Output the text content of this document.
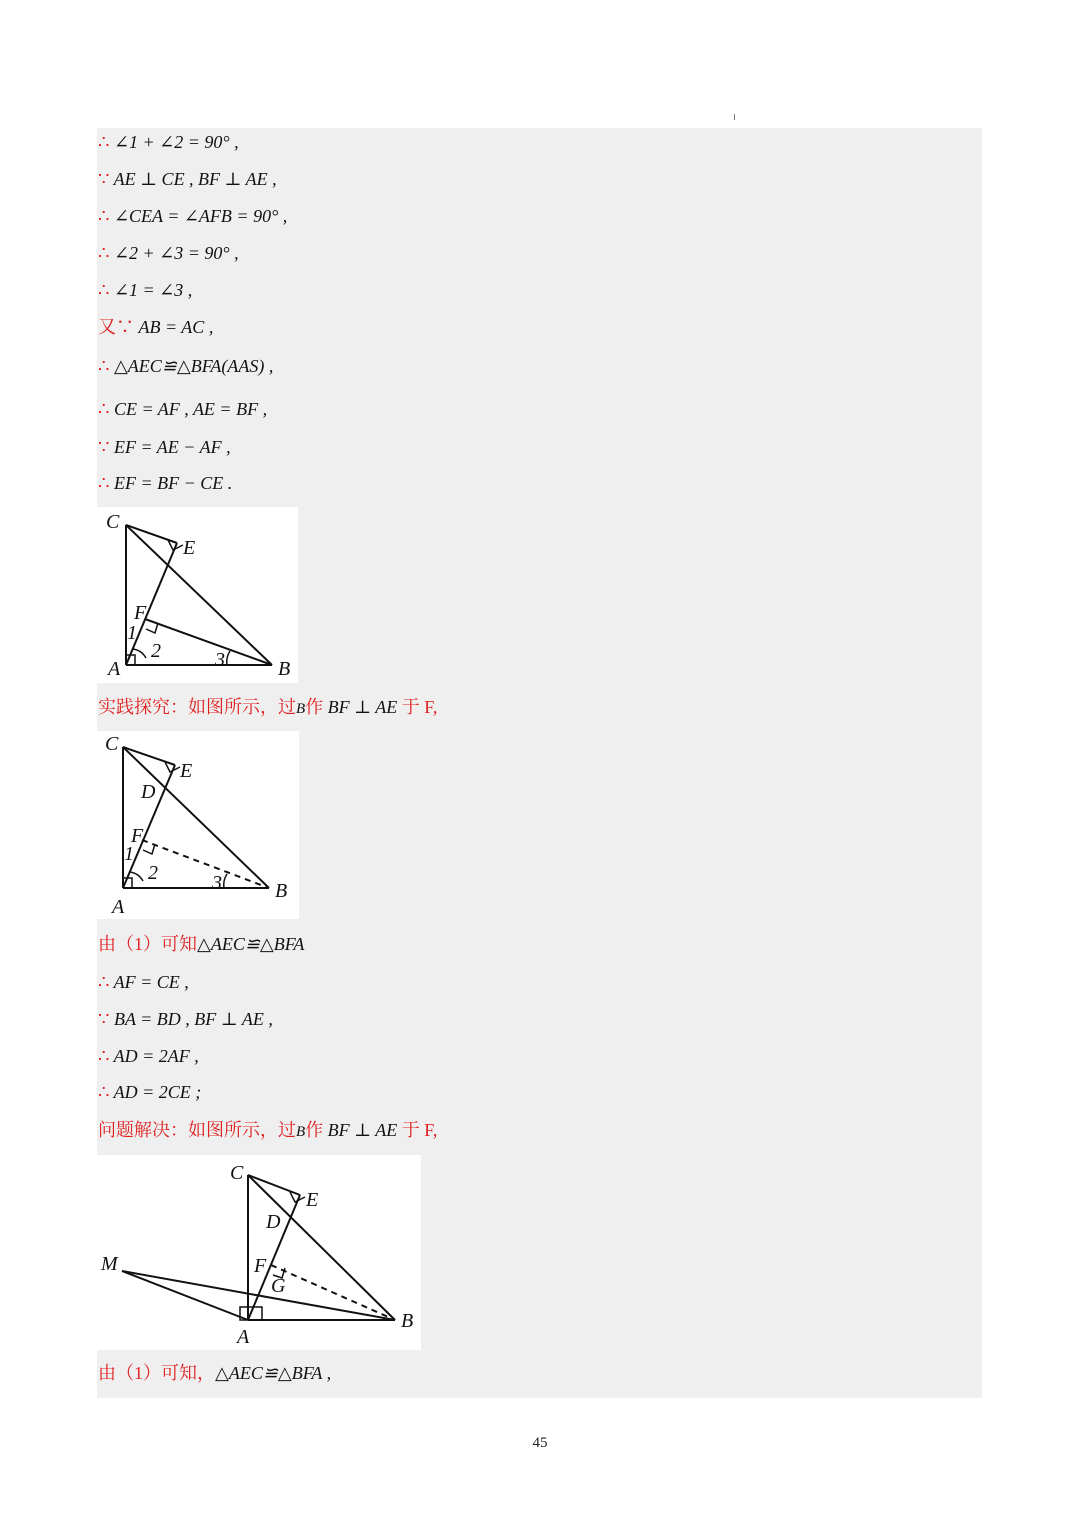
∴ ∠1 + ∠2 = 90° ,
∵ AE ⊥ CE , BF ⊥ AE ,
∴ ∠CEA = ∠AFB = 90° ,
∴ ∠2 + ∠3 = 90° ,
∴ ∠1 = ∠3 ,
又∵ AB = AC ,
∴ △AEC≌△BFA(AAS) ,
∴ CE = AF , AE = BF ,
∵ EF = AE − AF ,
∴ EF = BF − CE .
C
E
F
1
2	3
A	B
实践探究：如图所示，过B作 BF ⊥ AE 于 F,
C
E
D
F
1
2	3
A
B
由（1）可知△AEC≌△BFA
∴ AF = CE ,
∵ BA = BD , BF ⊥ AE ,
∴ AD = 2AF ,
∴ AD = 2CE ;
问题解决：如图所示，过B作 BF ⊥ AE 于 F,
C
E
D
F
G
M
A
B
由（1）可知，△AEC≌△BFA ,
45
